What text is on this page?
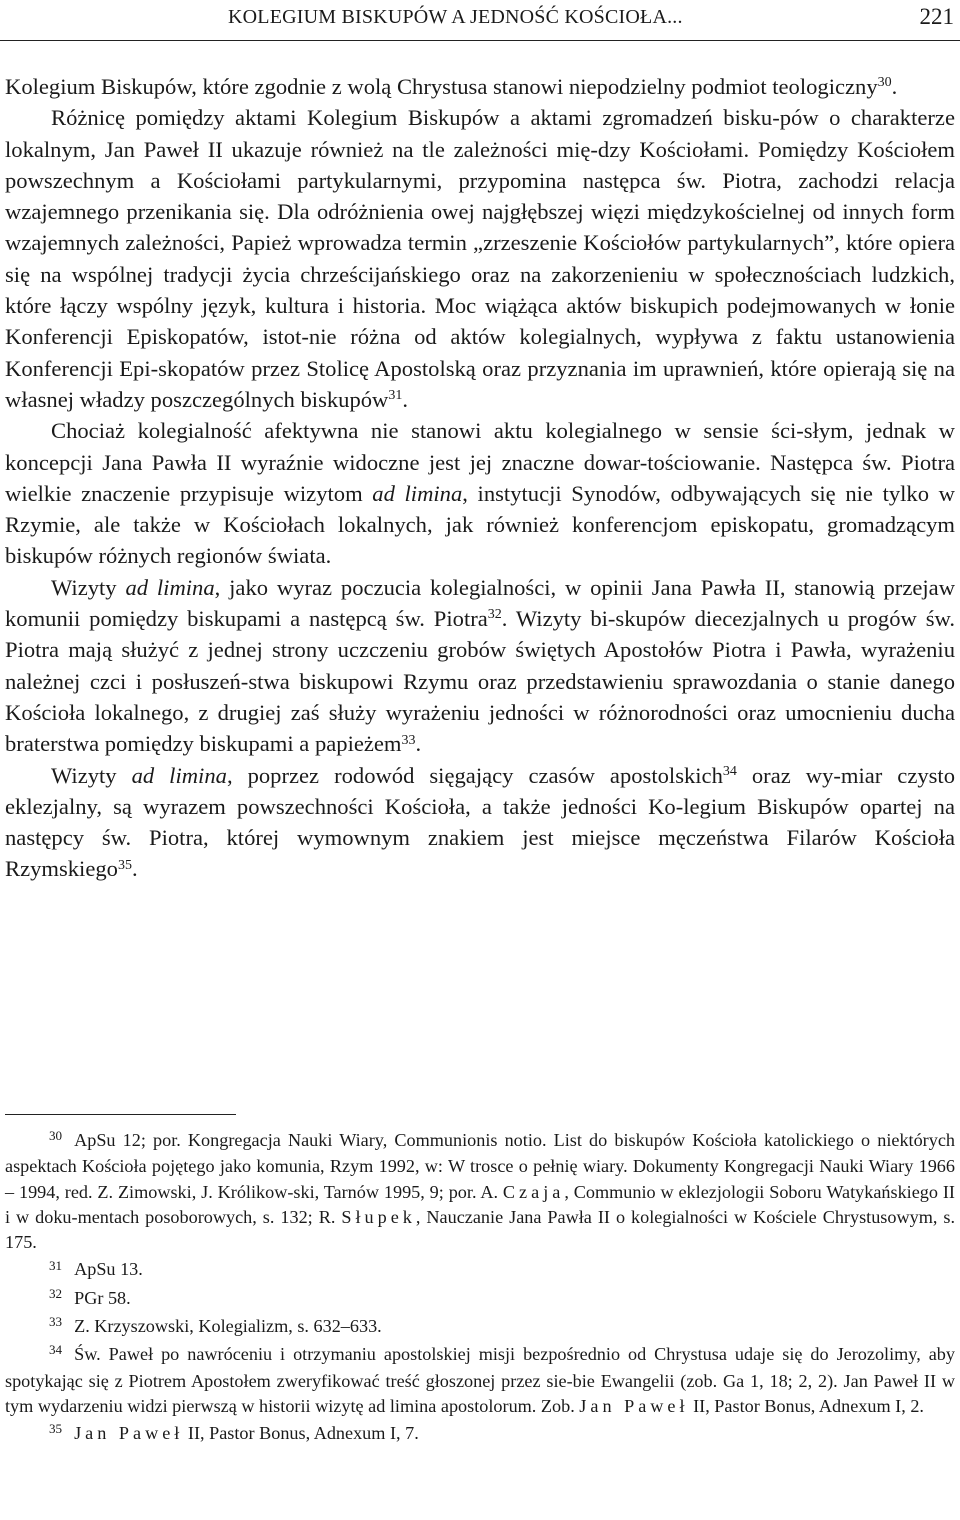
KOLEGIUM BISKUPÓW A JEDNOŚĆ KOŚCIOŁA...	221

Kolegium Biskupów, które zgodnie z wolą Chrystusa stanowi niepodzielny podmiot teologiczny$^{30}$.

Różnicę pomiędzy aktami Kolegium Biskupów a aktami zgromadzeń bisku-pów o charakterze lokalnym, Jan Paweł II ukazuje również na tle zależności mię-dzy Kościołami. Pomiędzy Kościołem powszechnym a Kościołami partykularnymi, przypomina następca św. Piotra, zachodzi relacja wzajemnego przenikania się. Dla odróżnienia owej najgłębszej więzi międzykościelnej od innych form wzajemnych zależności, Papież wprowadza termin „zrzeszenie Kościołów partykularnych”, które opiera się na wspólnej tradycji życia chrześcijańskiego oraz na zakorzenieniu w społecznościach ludzkich, które łączy wspólny język, kultura i historia. Moc wiążąca aktów biskupich podejmowanych w łonie Konferencji Episkopatów, istot-nie różna od aktów kolegialnych, wypływa z faktu ustanowienia Konferencji Epi-skopatów przez Stolicę Apostolską oraz przyznania im uprawnień, które opierają się na własnej władzy poszczególnych biskupów$^{31}$.

Chociaż kolegialność afektywna nie stanowi aktu kolegialnego w sensie ści-słym, jednak w koncepcji Jana Pawła II wyraźnie widoczne jest jej znaczne dowar-tościowanie. Następca św. Piotra wielkie znaczenie przypisuje wizytom ad limina, instytucji Synodów, odbywających się nie tylko w Rzymie, ale także w Kościołach lokalnych, jak również konferencjom episkopatu, gromadzącym biskupów różnych regionów świata.

Wizyty ad limina, jako wyraz poczucia kolegialności, w opinii Jana Pawła II, stanowią przejaw komunii pomiędzy biskupami a następcą św. Piotra$^{32}$. Wizyty bi-skupów diecezjalnych u progów św. Piotra mają służyć z jednej strony uczczeniu grobów świętych Apostołów Piotra i Pawła, wyrażeniu należnej czci i posłuszeń-stwa biskupowi Rzymu oraz przedstawieniu sprawozdania o stanie danego Kościoła lokalnego, z drugiej zaś służy wyrażeniu jedności w różnorodności oraz umocnieniu ducha braterstwa pomiędzy biskupami a papieżem$^{33}$.

Wizyty ad limina, poprzez rodowód sięgający czasów apostolskich$^{34}$ oraz wy-miar czysto eklezjalny, są wyrazem powszechności Kościoła, a także jedności Ko-legium Biskupów opartej na następcy św. Piotra, której wymownym znakiem jest miejsce męczeństwa Filarów Kościoła Rzymskiego$^{35}$.

$^{30}$ ApSu 12; por. Kongregacja Nauki Wiary, Communionis notio. List do biskupów Kościoła katolickiego o niektórych aspektach Kościoła pojętego jako komunia, Rzym 1992, w: W trosce o pełnię wiary. Dokumenty Kongregacji Nauki Wiary 1966 – 1994, red. Z. Zimowski, J. Królikow-ski, Tarnów 1995, 9; por. A. Czaja, Communio w eklezjologii Soboru Watykańskiego II i w doku-mentach posoborowych, s. 132; R. Słupek, Nauczanie Jana Pawła II o kolegialności w Kościele Chrystusowym, s. 175.

$^{31}$ ApSu 13.

$^{32}$ PGr 58.

$^{33}$ Z. Krzyszowski, Kolegializm, s. 632–633.

$^{34}$ Św. Paweł po nawróceniu i otrzymaniu apostolskiej misji bezpośrednio od Chrystusa udaje się do Jerozolimy, aby spotykając się z Piotrem Apostołem zweryfikować treść głoszonej przez sie-bie Ewangelii (zob. Ga 1, 18; 2, 2). Jan Paweł II w tym wydarzeniu widzi pierwszą w historii wizytę ad limina apostolorum. Zob. Jan Paweł II, Pastor Bonus, Adnexum I, 2.

$^{35}$ Jan Paweł II, Pastor Bonus, Adnexum I, 7.
